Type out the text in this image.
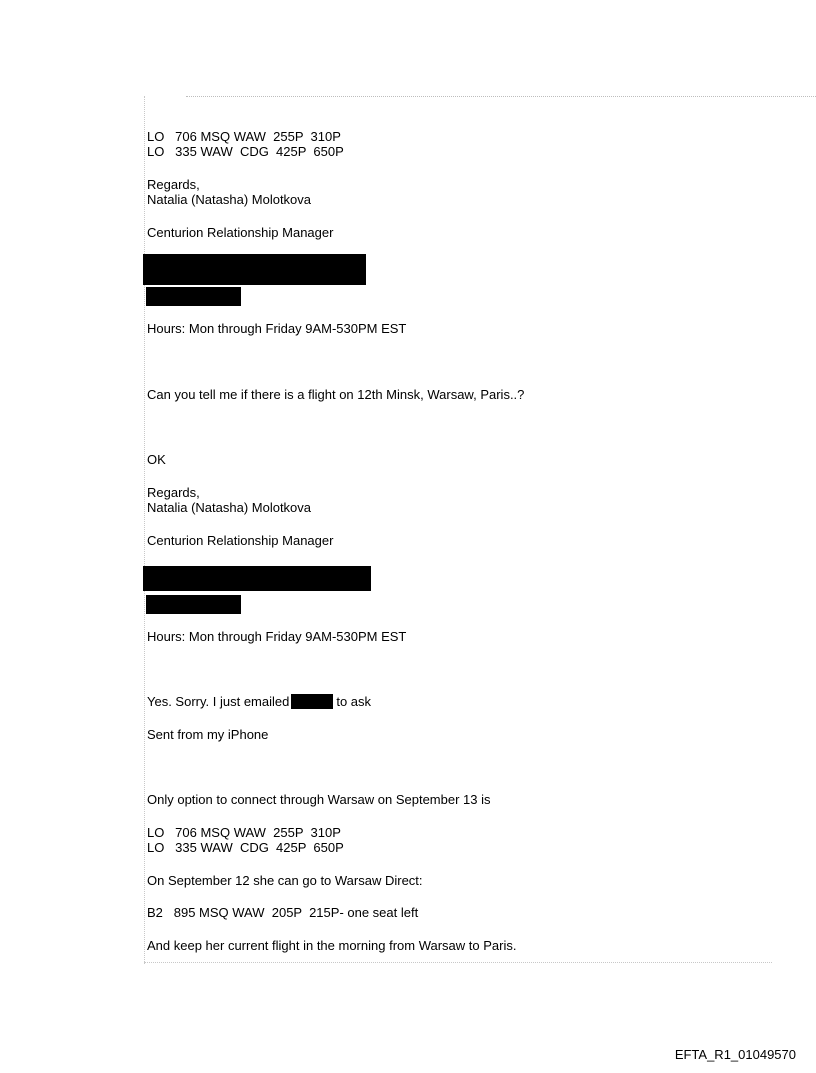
LO   706 MSQ WAW  255P  310P
LO   335 WAW  CDG  425P  650P
Regards,
Natalia (Natasha) Molotkova
Centurion Relationship Manager
Hours: Mon through Friday 9AM-530PM EST
Can you tell me if there is a flight on 12th Minsk, Warsaw, Paris..?
OK
Regards,
Natalia (Natasha) Molotkova
Centurion Relationship Manager
Hours: Mon through Friday 9AM-530PM EST
Yes. Sorry. I just emailed	to ask
Sent from my iPhone
Only option to connect through Warsaw on September 13 is
LO   706 MSQ WAW  255P  310P
LO   335 WAW  CDG  425P  650P
On September 12 she can go to Warsaw Direct:
B2   895 MSQ WAW  205P  215P- one seat left
And keep her current flight in the morning from Warsaw to Paris.
EFTA_R1_01049570
